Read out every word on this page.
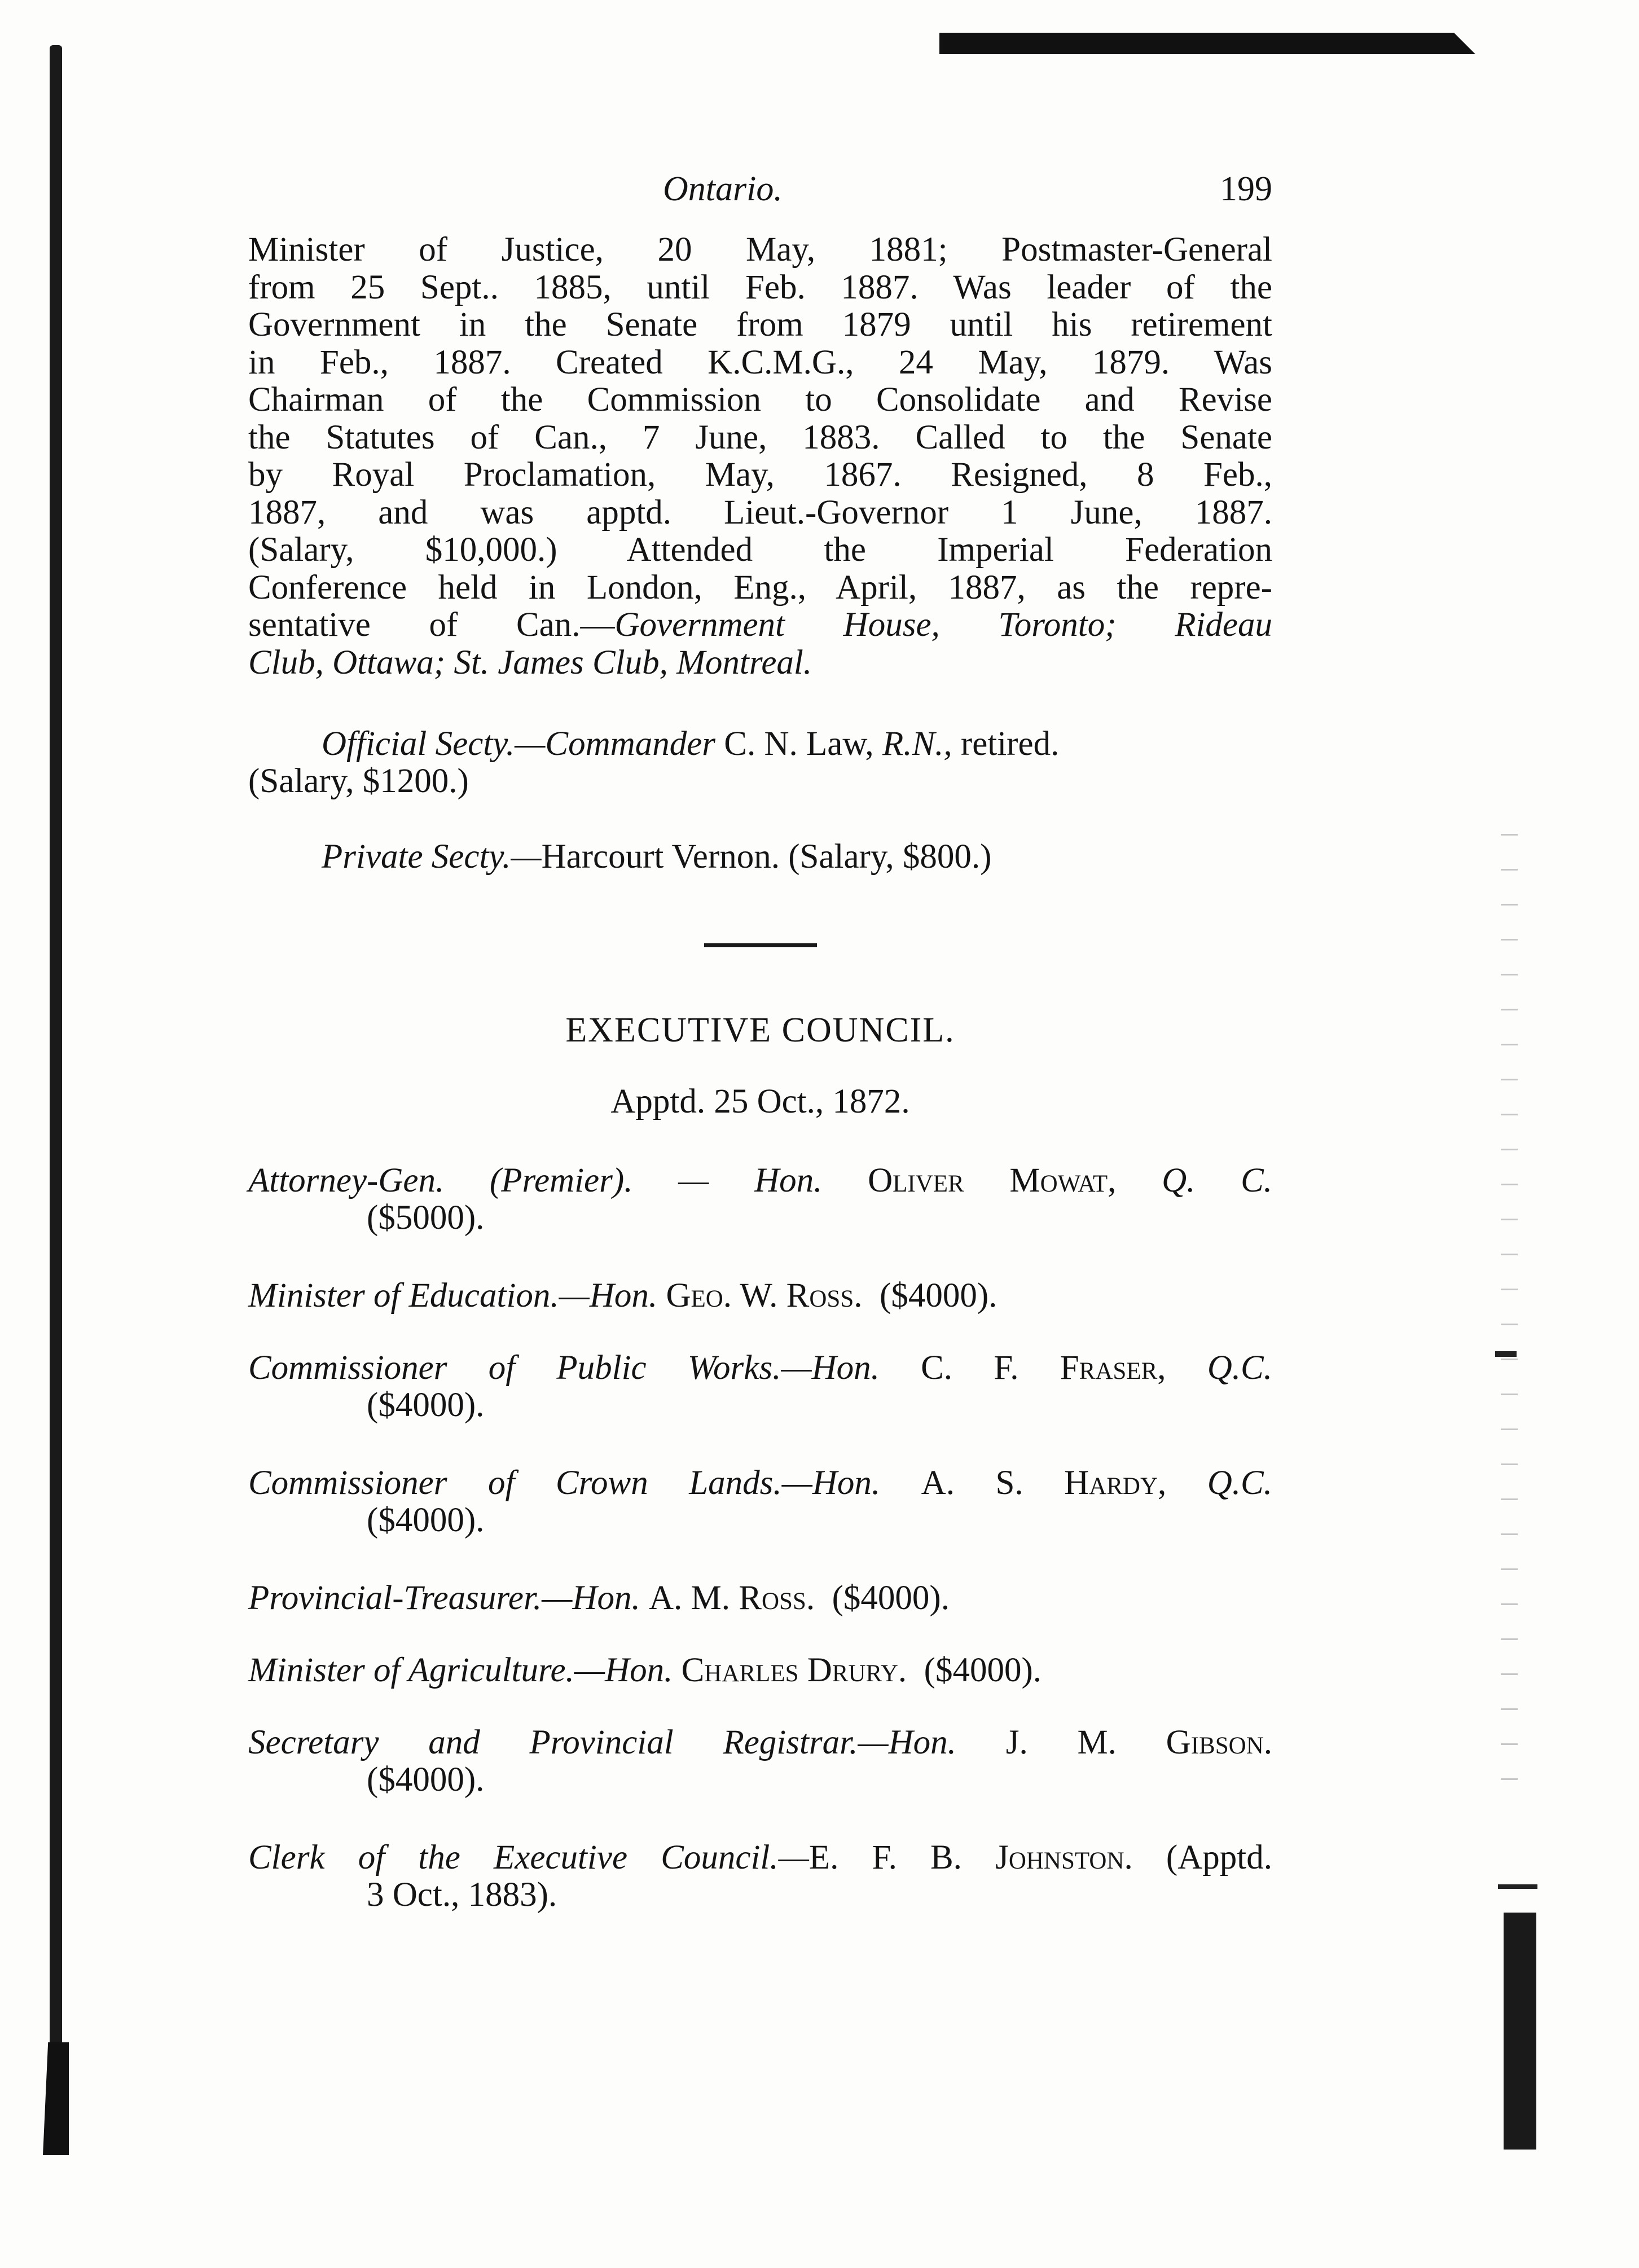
Ontario.	199

Minister of Justice, 20 May, 1881; Postmaster-General
from 25 Sept.. 1885, until Feb. 1887. Was leader of the
Government in the Senate from 1879 until his retirement
in Feb., 1887. Created K.C.M.G., 24 May, 1879. Was
Chairman of the Commission to Consolidate and Revise
the Statutes of Can., 7 June, 1883. Called to the Senate
by Royal Proclamation, May, 1867. Resigned, 8 Feb.,
1887, and was apptd. Lieut.-Governor 1 June, 1887.
(Salary, $10,000.) Attended the Imperial Federation
Conference held in London, Eng., April, 1887, as the repre-
sentative of Can.—Government House, Toronto; Rideau
Club, Ottawa; St. James Club, Montreal.

Official Secty.—Commander C. N. Law, R.N., retired.

(Salary, $1200.)

Private Secty.—Harcourt Vernon. (Salary, $800.)

EXECUTIVE COUNCIL.

Apptd. 25 Oct., 1872.

Attorney-Gen. (Premier). — Hon. Oliver Mowat, Q. C.
($5000).

Minister of Education.—Hon. Geo. W. Ross. ($4000).

Commissioner of Public Works.—Hon. C. F. Fraser, Q.C.
($4000).

Commissioner of Crown Lands.—Hon. A. S. Hardy, Q.C.
($4000).

Provincial-Treasurer.—Hon. A. M. Ross. ($4000).

Minister of Agriculture.—Hon. Charles Drury. ($4000).

Secretary and Provincial Registrar.—Hon. J. M. Gibson.
($4000).

Clerk of the Executive Council.—E. F. B. Johnston. (Apptd.
3 Oct., 1883).
